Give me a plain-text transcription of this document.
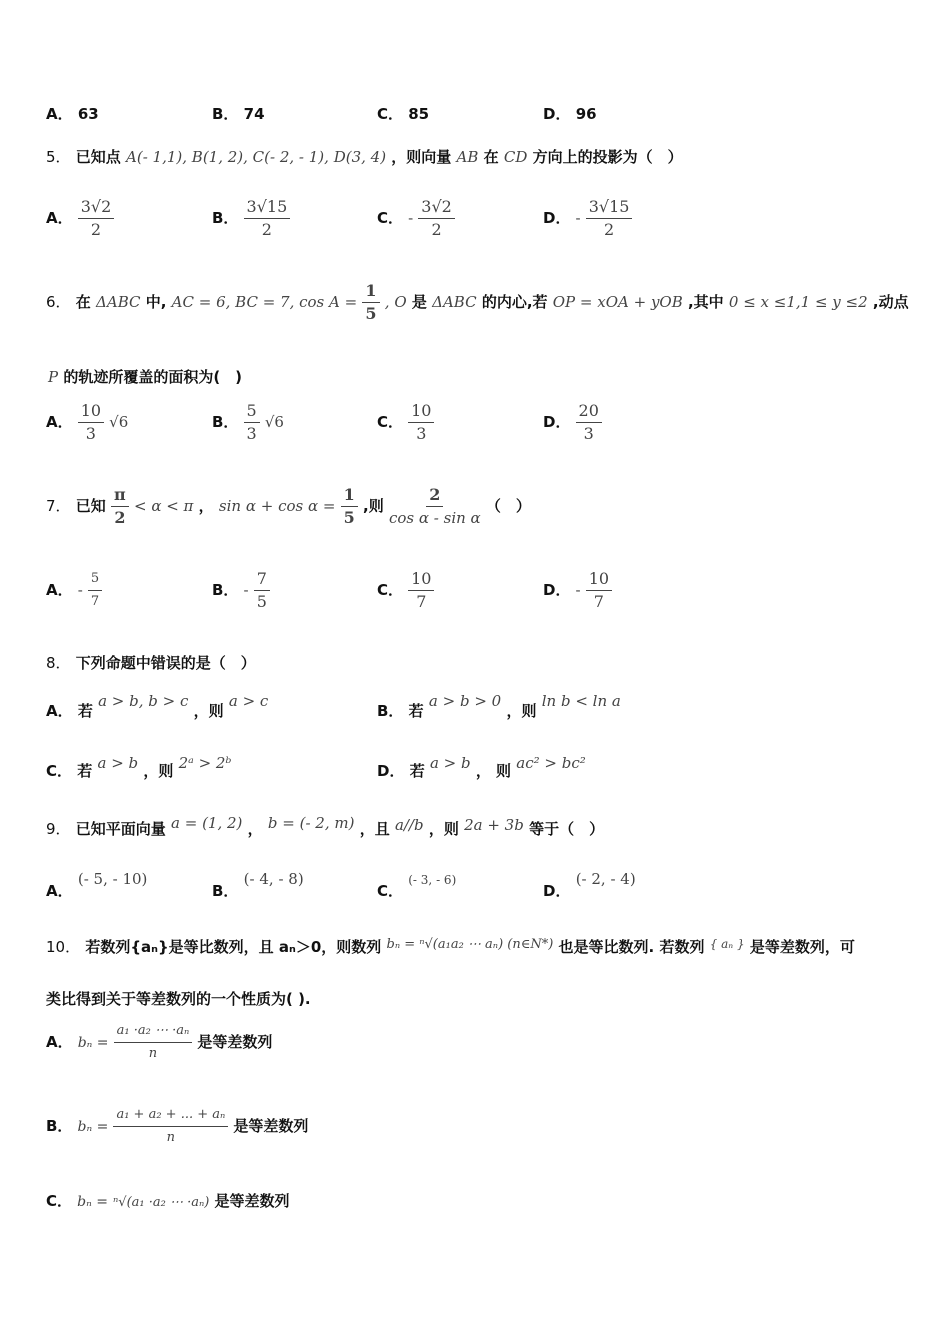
A． 63	B． 74	C． 85	D． 96
5． 已知点 A(- 1,1), B(1, 2), C(- 2, - 1), D(3, 4) ，则向量 AB 在 CD 方向上的投影为（　）
A． $\frac{3√2}{2}$	B． $\frac{3√15}{2}$	C． - $\frac{3√2}{2}$	D． - $\frac{3√15}{2}$
6． 在 ΔABC 中, AC = 6, BC = 7, $\cos A = \frac{1}{5}$ , O 是 ΔABC 的内心,若 OP = xOA + yOB ,其中 0 ≤ x ≤1,1 ≤ y ≤2 ,动点
P 的轨迹所覆盖的面积为(　)
A． $\frac{10}{3} √6$	B． $\frac{5}{3} √6$	C． $\frac{10}{3}$	D． $\frac{20}{3}$
7． 已知 $\frac{\pi}{2} < \alpha < \pi$ ， $\sin \alpha + \cos \alpha = \frac{1}{5}$ ,则 $\frac{2}{\text{cos α - sin α}}$ （　）
A． - $\frac{5}{7}$	B． - $\frac{7}{5}$	C． $\frac{10}{7}$	D． - $\frac{10}{7}$
8． 下列命题中错误的是（　）
A． 若 a > b, b > c ，则 a > c
B． 若 a > b > 0 ，则 ln b < ln a
C． 若 a > b ，则 2ᵃ > 2ᵇ	D． 若 a > b ， 则 ac² > bc²
9． 已知平面向量 a = (1, 2) ， b = (- 2, m) ，且 a//b ，则 2a + 3b 等于（　）
A． (- 5, - 10)
B． (- 4, - 8)
C． (- 3, - 6)
D． (- 2, - 4)
10． 若数列{aₙ}是等比数列，且 aₙ＞0，则数列 bₙ = ⁿ√(a₁a₂ ⋯ aₙ) (n∈N*) 也是等比数列. 若数列 $^{\{ a_n \}}$ 是等差数列，可
类比得到关于等差数列的一个性质为( ).
A． $b_n = \frac{\text{a₁ ·a₂ ⋯ ·aₙ}}{n}$ 是等差数列
B． $b_n = \frac{\text{a₁ + a₂ + ... + aₙ}}{n}$ 是等差数列
C． bₙ = ⁿ√(a₁ ·a₂ ⋯ ·aₙ) 是等差数列
